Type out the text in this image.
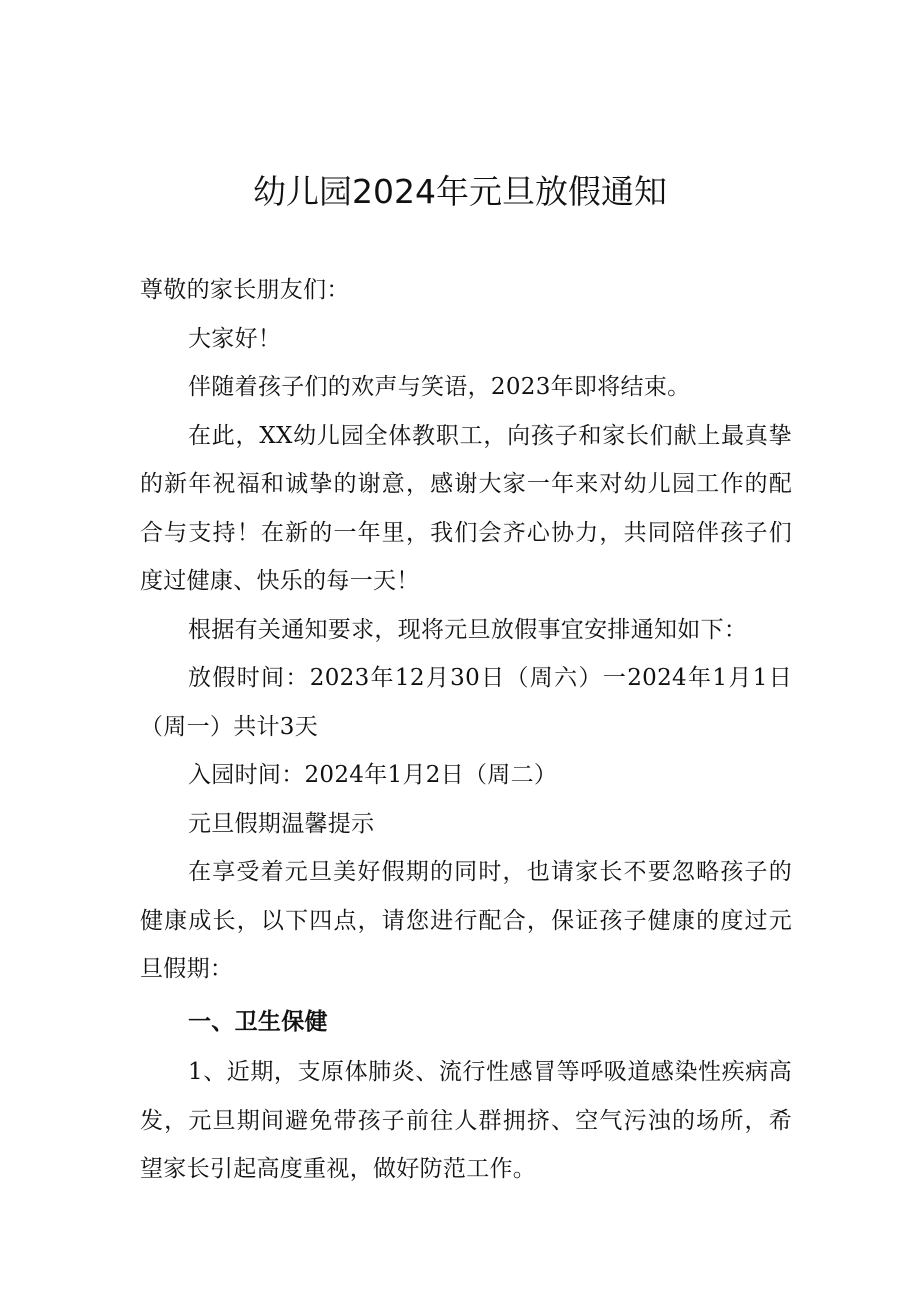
幼儿园2024年元旦放假通知

尊敬的家长朋友们：

大家好！

伴随着孩子们的欢声与笑语，2023年即将结束。

在此，XX幼儿园全体教职工，向孩子和家长们献上最真挚的新年祝福和诚挚的谢意，感谢大家一年来对幼儿园工作的配合与支持！在新的一年里，我们会齐心协力，共同陪伴孩子们度过健康、快乐的每一天！

根据有关通知要求，现将元旦放假事宜安排通知如下：

放假时间：2023年12月30日（周六）一2024年1月1日（周一）共计3天

入园时间：2024年1月2日（周二）

元旦假期温馨提示

在享受着元旦美好假期的同时，也请家长不要忽略孩子的健康成长，以下四点，请您进行配合，保证孩子健康的度过元旦假期：

一、卫生保健

1、近期，支原体肺炎、流行性感冒等呼吸道感染性疾病高发，元旦期间避免带孩子前往人群拥挤、空气污浊的场所，希望家长引起高度重视，做好防范工作。
